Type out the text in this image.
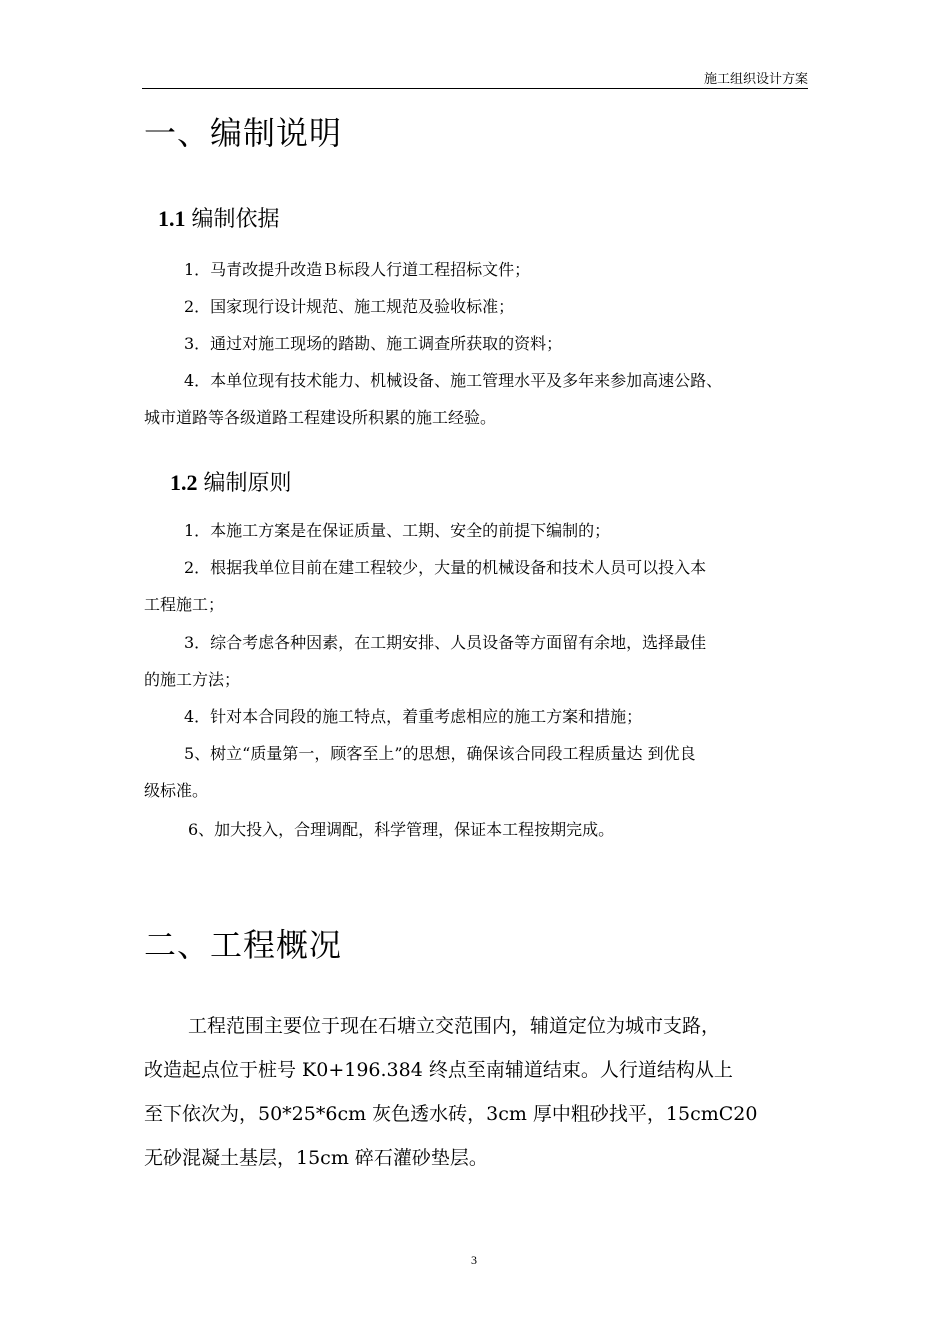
施工组织设计方案
一、编制说明
1.1 编制依据
1．马青改提升改造Ｂ标段人行道工程招标文件；
2．国家现行设计规范、施工规范及验收标准；
3．通过对施工现场的踏勘、施工调查所获取的资料；
4．本单位现有技术能力、机械设备、施工管理水平及多年来参加高速公路、
城市道路等各级道路工程建设所积累的施工经验。
1.2 编制原则
1．本施工方案是在保证质量、工期、安全的前提下编制的；
2．根据我单位目前在建工程较少，大量的机械设备和技术人员可以投入本
工程施工；
3．综合考虑各种因素，在工期安排、人员设备等方面留有余地，选择最佳
的施工方法；
4．针对本合同段的施工特点，着重考虑相应的施工方案和措施；
5、树立“质量第一，顾客至上”的思想，确保该合同段工程质量达 到优良
级标准。
6、加大投入，合理调配，科学管理，保证本工程按期完成。
二、工程概况
工程范围主要位于现在石塘立交范围内，辅道定位为城市支路，
改造起点位于桩号 K0+196.384 终点至南辅道结束。人行道结构从上
至下依次为，50*25*6cm 灰色透水砖，3cm 厚中粗砂找平，15cmC20
无砂混凝土基层，15cm 碎石灌砂垫层。
3
